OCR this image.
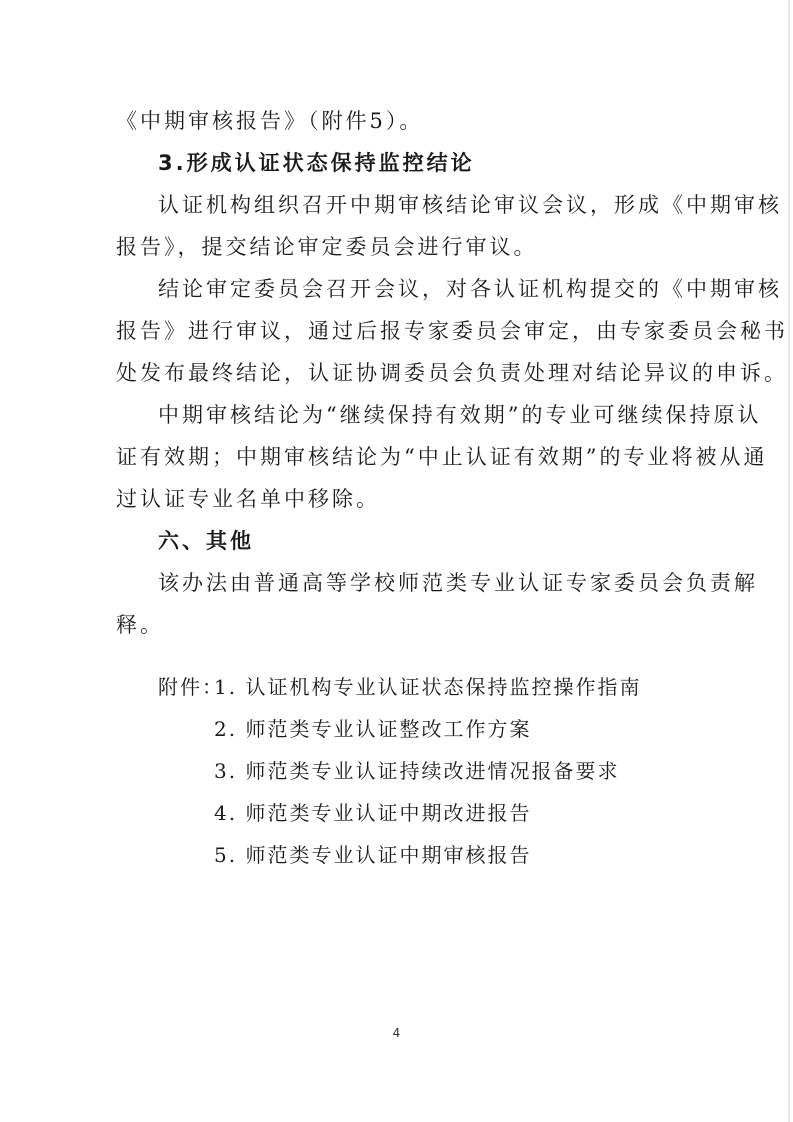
《中期审核报告》（附件5）。
3.形成认证状态保持监控结论
认证机构组织召开中期审核结论审议会议，形成《中期审核
报告》，提交结论审定委员会进行审议。
结论审定委员会召开会议，对各认证机构提交的《中期审核
报告》进行审议，通过后报专家委员会审定，由专家委员会秘书
处发布最终结论，认证协调委员会负责处理对结论异议的申诉。
中期审核结论为“继续保持有效期”的专业可继续保持原认
证有效期；中期审核结论为“中止认证有效期”的专业将被从通
过认证专业名单中移除。
六、其他
该办法由普通高等学校师范类专业认证专家委员会负责解
释。
附件：
1. 认证机构专业认证状态保持监控操作指南
2. 师范类专业认证整改工作方案
3. 师范类专业认证持续改进情况报备要求
4. 师范类专业认证中期改进报告
5. 师范类专业认证中期审核报告
4
